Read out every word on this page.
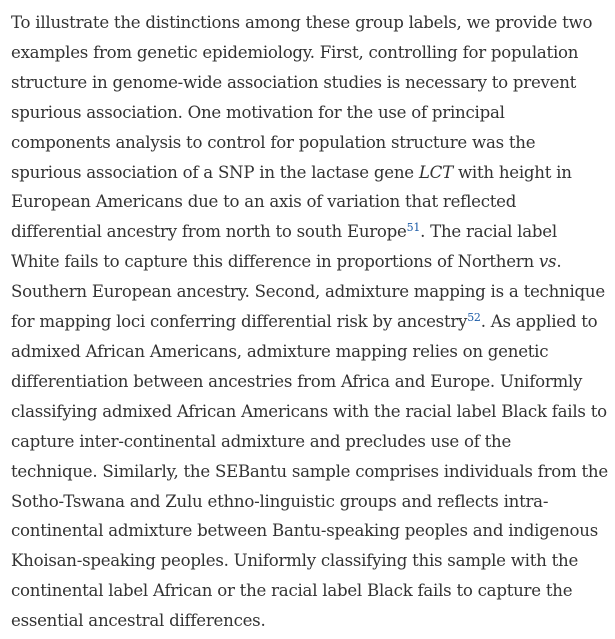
To illustrate the distinctions among these group labels, we provide two
examples from genetic epidemiology. First, controlling for population
structure in genome-wide association studies is necessary to prevent
spurious association. One motivation for the use of principal
components analysis to control for population structure was the
spurious association of a SNP in the lactase gene LCT with height in
European Americans due to an axis of variation that reflected
differential ancestry from north to south Europe$^{51}$. The racial label
White fails to capture this difference in proportions of Northern vs.
Southern European ancestry. Second, admixture mapping is a technique
for mapping loci conferring differential risk by ancestry$^{52}$. As applied to
admixed African Americans, admixture mapping relies on genetic
differentiation between ancestries from Africa and Europe. Uniformly
classifying admixed African Americans with the racial label Black fails to
capture inter-continental admixture and precludes use of the
technique. Similarly, the SEBantu sample comprises individuals from the
Sotho-Tswana and Zulu ethno-linguistic groups and reflects intra-
continental admixture between Bantu-speaking peoples and indigenous
Khoisan-speaking peoples. Uniformly classifying this sample with the
continental label African or the racial label Black fails to capture the
essential ancestral differences.
